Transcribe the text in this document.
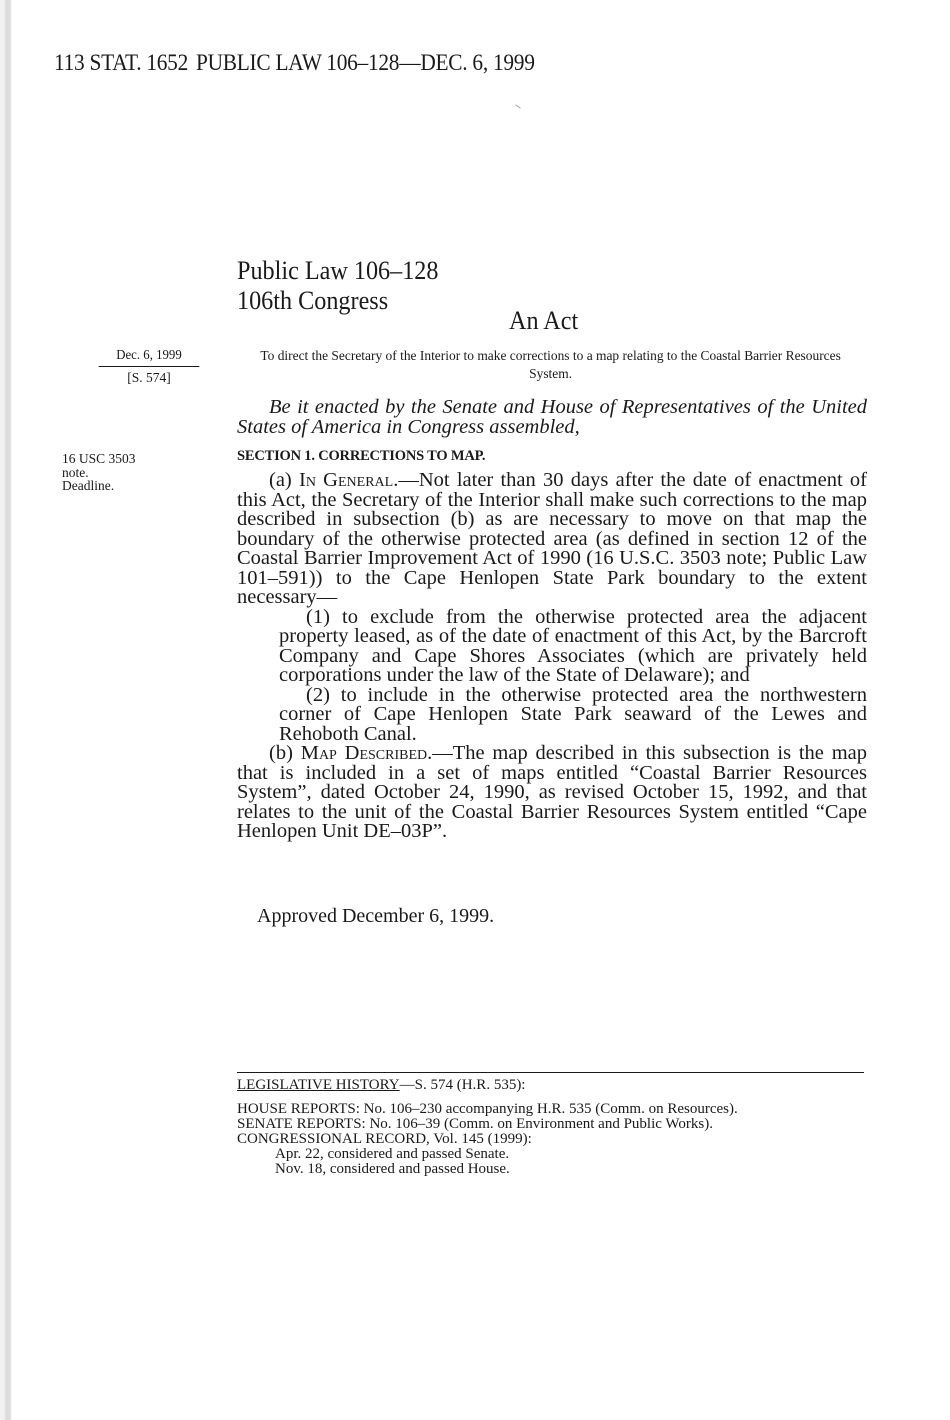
113 STAT. 1652 PUBLIC LAW 106–128—DEC. 6, 1999
Public Law 106–128
106th Congress
An Act
Dec. 6, 1999
[S. 574]
To direct the Secretary of the Interior to make corrections to a map relating to the Coastal Barrier Resources System.

Be it enacted by the Senate and House of Representatives of the United States of America in Congress assembled,

16 USC 3503
note.
Deadline.
SECTION 1. CORRECTIONS TO MAP.

(a) In General.—Not later than 30 days after the date of enactment of this Act, the Secretary of the Interior shall make such corrections to the map described in subsection (b) as are necessary to move on that map the boundary of the otherwise protected area (as defined in section 12 of the Coastal Barrier Improvement Act of 1990 (16 U.S.C. 3503 note; Public Law 101–591)) to the Cape Henlopen State Park boundary to the extent necessary—

(1) to exclude from the otherwise protected area the adjacent property leased, as of the date of enactment of this Act, by the Barcroft Company and Cape Shores Associates (which are privately held corporations under the law of the State of Delaware); and

(2) to include in the otherwise protected area the northwestern corner of Cape Henlopen State Park seaward of the Lewes and Rehoboth Canal.

(b) Map Described.—The map described in this subsection is the map that is included in a set of maps entitled “Coastal Barrier Resources System”, dated October 24, 1990, as revised October 15, 1992, and that relates to the unit of the Coastal Barrier Resources System entitled “Cape Henlopen Unit DE–03P”.

Approved December 6, 1999.
LEGISLATIVE HISTORY—S. 574 (H.R. 535):
HOUSE REPORTS: No. 106–230 accompanying H.R. 535 (Comm. on Resources).
SENATE REPORTS: No. 106–39 (Comm. on Environment and Public Works).
CONGRESSIONAL RECORD, Vol. 145 (1999):
Apr. 22, considered and passed Senate.
Nov. 18, considered and passed House.
